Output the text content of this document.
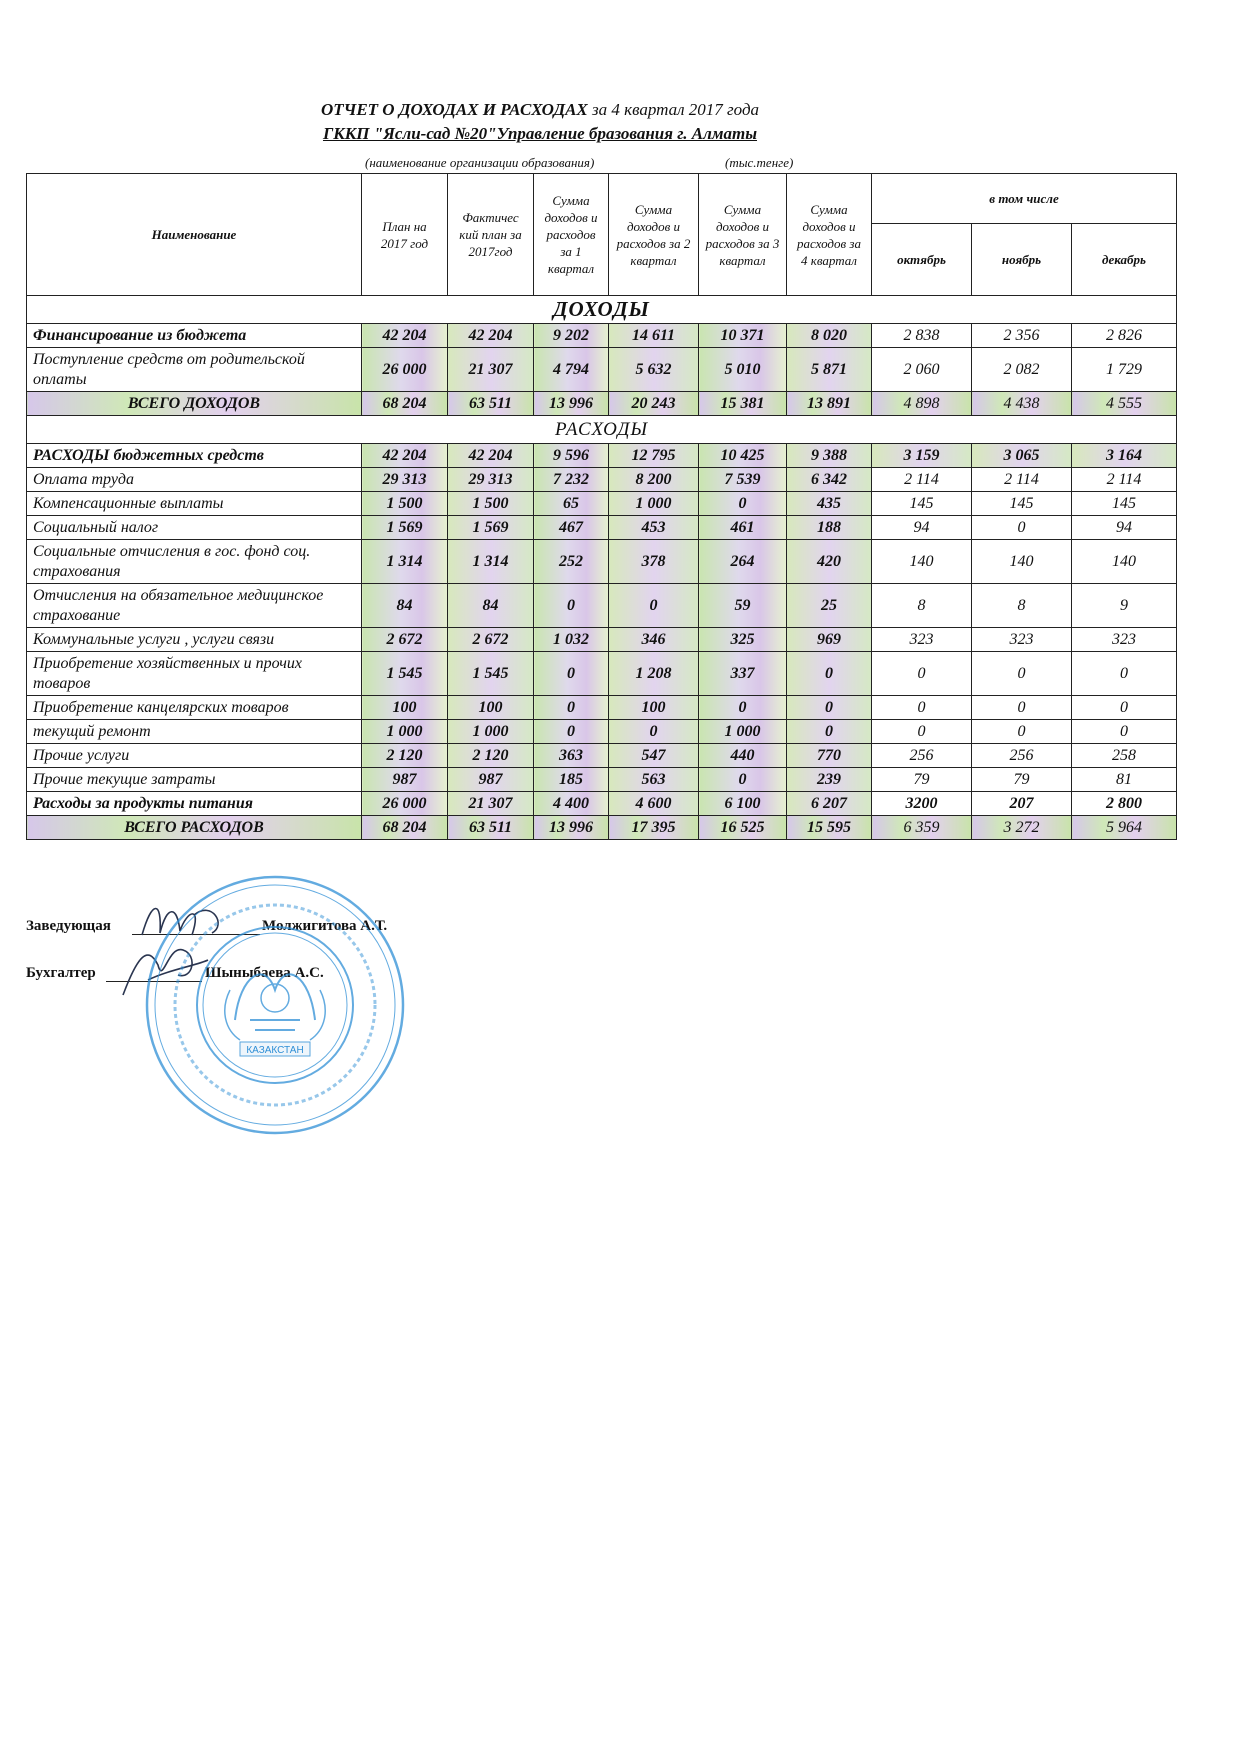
ОТЧЕТ О ДОХОДАХ И РАСХОДАХ за 4 квартал 2017 года
ГККП "Ясли-сад №20"Управление бразования г. Алматы
(наименование организации образования)	(тыс.тенге)
Наименование	План на 2017 год	Фактичес кий план за 2017год	Сумма доходов и расходов за 1 квартал	Сумма доходов и расходов за 2 квартал	Сумма доходов и расходов за 3 квартал	Сумма доходов и расходов за 4 квартал	в том числе		
							октябрь	ноябрь	декабрь
ДОХОДЫ									
Финансирование из бюджета	42 204	42 204	9 202	14 611	10 371	8 020	2 838	2 356	2 826
Поступление средств от родительской оплаты	26 000	21 307	4 794	5 632	5 010	5 871	2 060	2 082	1 729
ВСЕГО ДОХОДОВ	68 204	63 511	13 996	20 243	15 381	13 891	4 898	4 438	4 555
РАСХОДЫ									
РАСХОДЫ бюджетных средств	42 204	42 204	9 596	12 795	10 425	9 388	3 159	3 065	3 164
Оплата труда	29 313	29 313	7 232	8 200	7 539	6 342	2 114	2 114	2 114
Компенсационные выплаты	1 500	1 500	65	1 000	0	435	145	145	145
Социальный налог	1 569	1 569	467	453	461	188	94	0	94
Социальные отчисления в гос. фонд соц. страхования	1 314	1 314	252	378	264	420	140	140	140
Отчисления на обязательное медицинское страхование	84	84	0	0	59	25	8	8	9
Коммунальные услуги , услуги связи	2 672	2 672	1 032	346	325	969	323	323	323
Приобретение хозяйственных и прочих товаров	1 545	1 545	0	1 208	337	0	0	0	0
Приобретение канцелярских товаров	100	100	0	100	0	0	0	0	0
текущий ремонт	1 000	1 000	0	0	1 000	0	0	0	0
Прочие услуги	2 120	2 120	363	547	440	770	256	256	258
Прочие текущие затраты	987	987	185	563	0	239	79	79	81
Расходы за продукты питания	26 000	21 307	4 400	4 600	6 100	6 207	3200	207	2 800
ВСЕГО РАСХОДОВ	68 204	63 511	13 996	17 395	16 525	15 595	6 359	3 272	5 964
Заведующая	Молжигитова А.Т.
Бухгалтер	Шыныбаева А.С.
КАЗАКСТАН
